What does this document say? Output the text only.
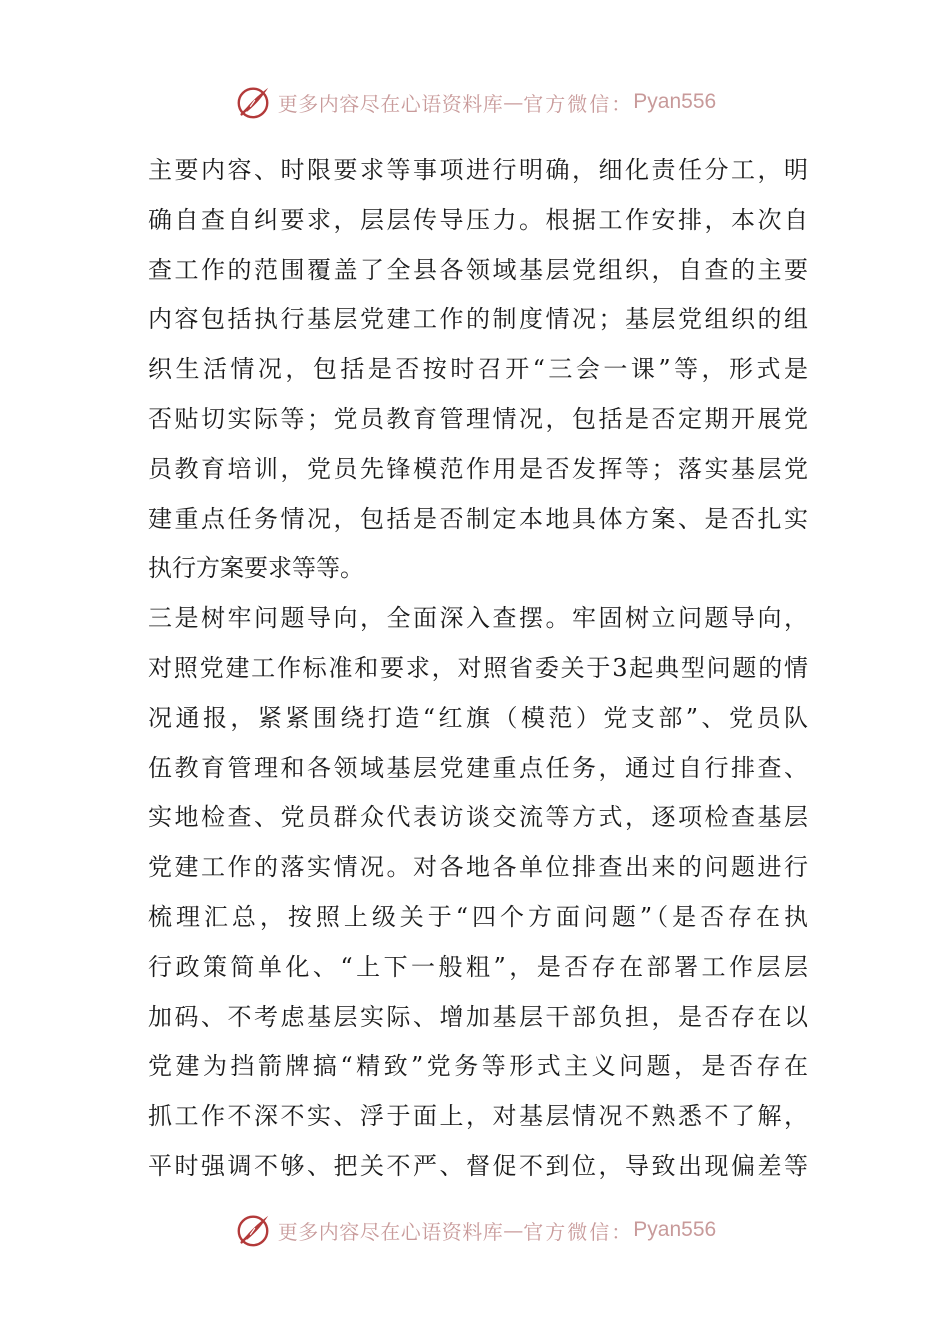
更多内容尽在心语资料库 — 官方微信： Pyan556
主要内容、时限要求等事项进行明确，细化责任分工，明
确自查自纠要求，层层传导压力。根据工作安排，本次自
查工作的范围覆盖了全县各领域基层党组织，自查的主要
内容包括执行基层党建工作的制度情况；基层党组织的组
织生活情况，包括是否按时召开“三会一课”等，形式是
否贴切实际等；党员教育管理情况，包括是否定期开展党
员教育培训，党员先锋模范作用是否发挥等；落实基层党
建重点任务情况，包括是否制定本地具体方案、是否扎实
执行方案要求等等。
三是树牢问题导向，全面深入查摆。牢固树立问题导向，
对照党建工作标准和要求，对照省委关于3起典型问题的情
况通报，紧紧围绕打造“红旗（模范）党支部”、党员队
伍教育管理和各领域基层党建重点任务，通过自行排查、
实地检查、党员群众代表访谈交流等方式，逐项检查基层
党建工作的落实情况。对各地各单位排查出来的问题进行
梳理汇总，按照上级关于“四个方面问题”（是否存在执
行政策简单化、“上下一般粗”，是否存在部署工作层层
加码、不考虑基层实际、增加基层干部负担，是否存在以
党建为挡箭牌搞“精致”党务等形式主义问题，是否存在
抓工作不深不实、浮于面上，对基层情况不熟悉不了解，
平时强调不够、把关不严、督促不到位，导致出现偏差等
更多内容尽在心语资料库 — 官方微信： Pyan556
